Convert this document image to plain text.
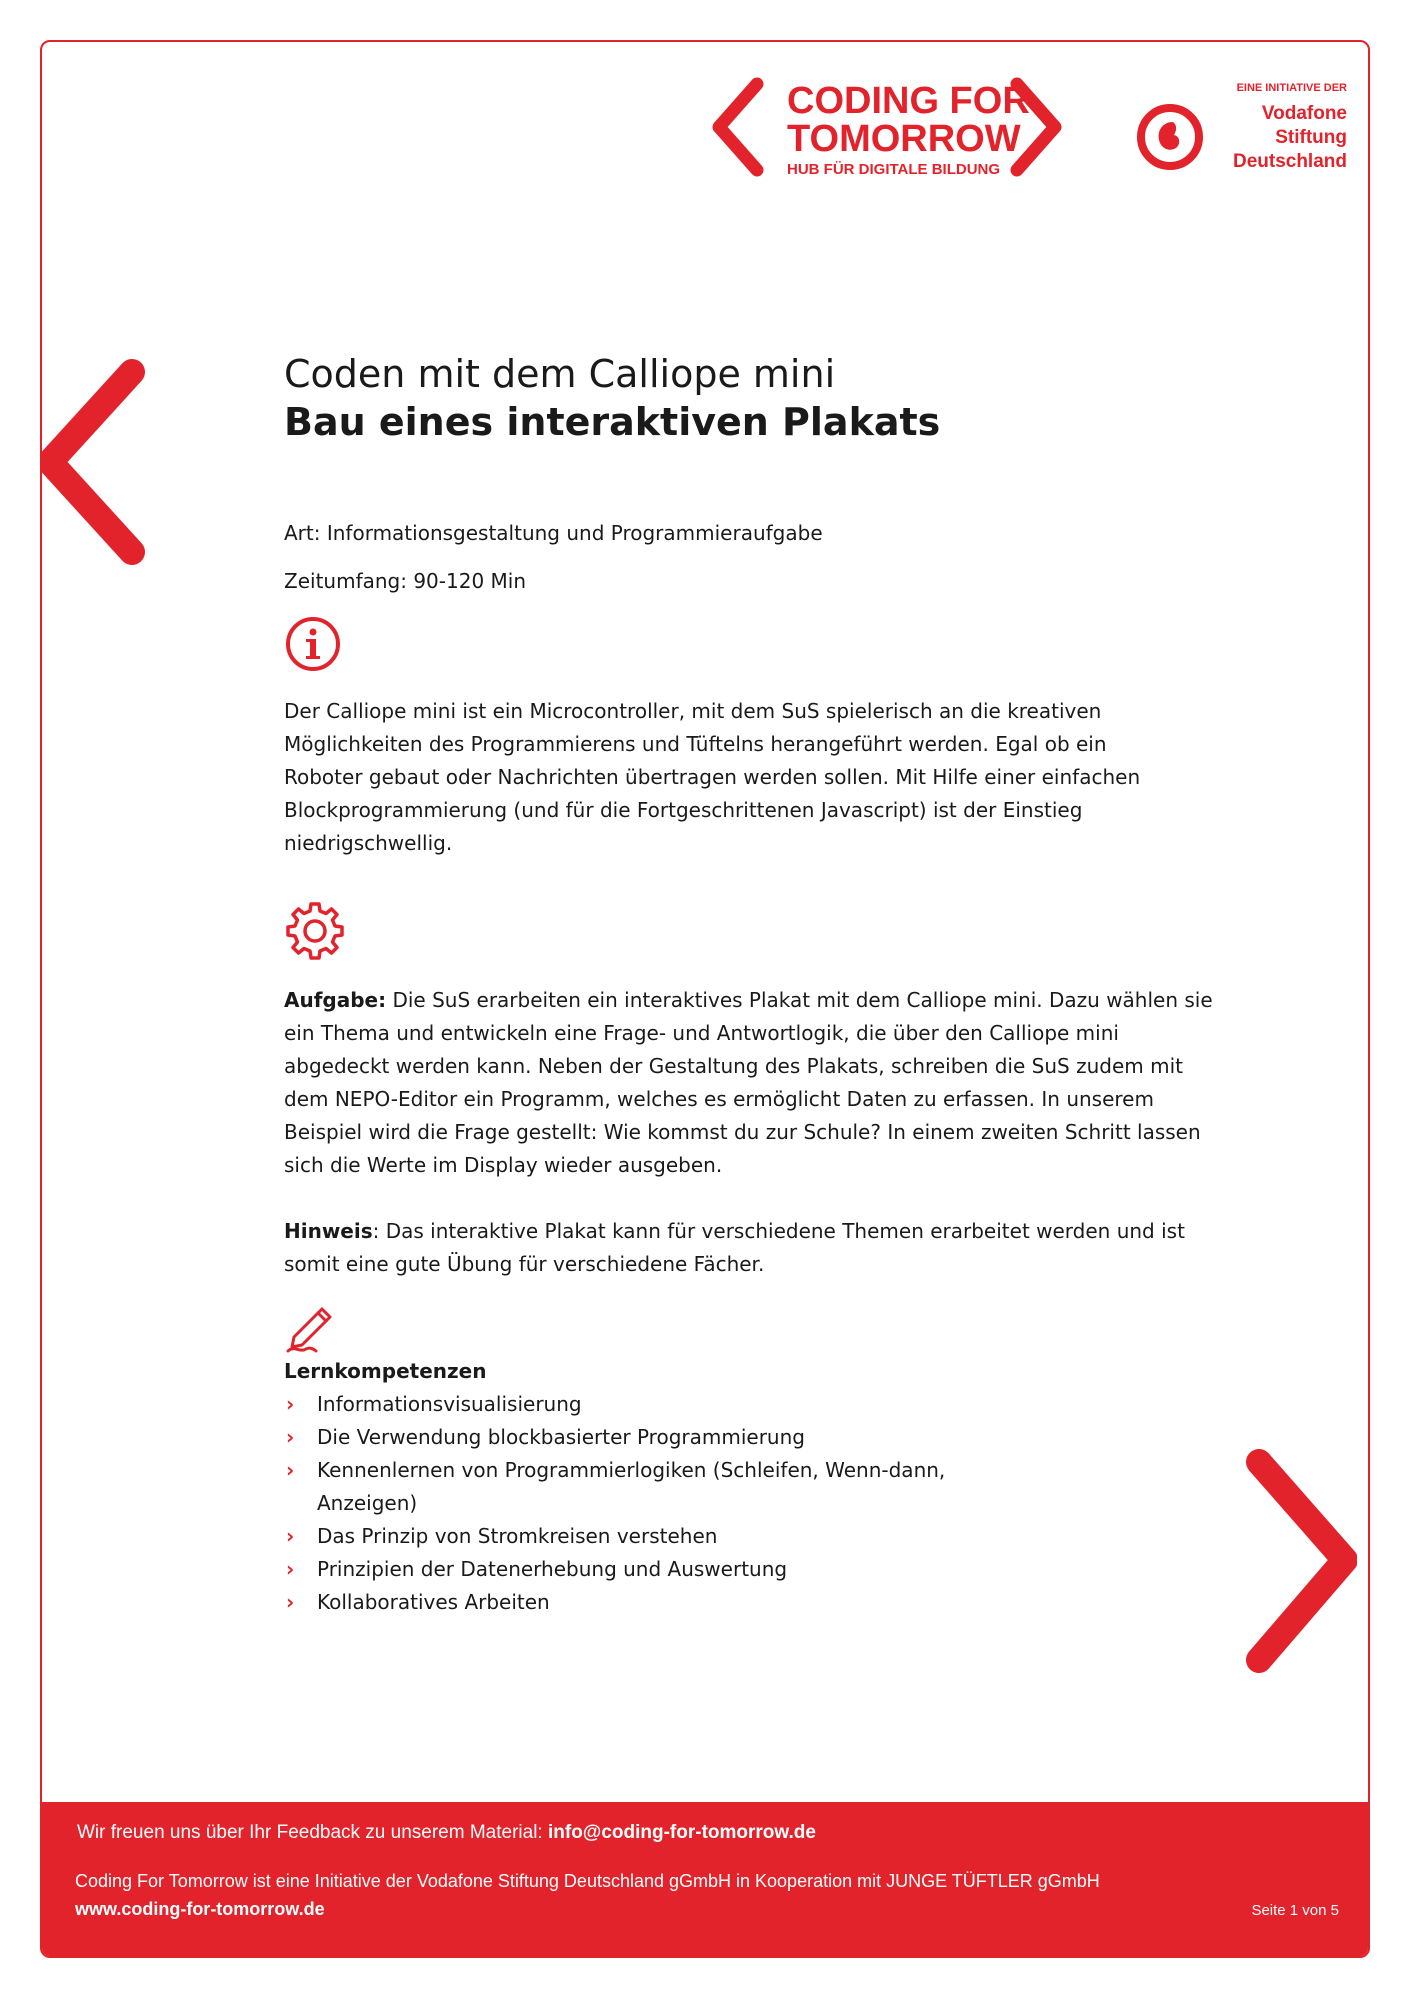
CODING FOR
TOMORROW
HUB FÜR DIGITALE BILDUNG
EINE INITIATIVE DER
Vodafone
Stiftung
Deutschland
Coden mit dem Calliope mini
Bau eines interaktiven Plakats
Art: Informationsgestaltung und Programmieraufgabe
Zeitumfang: 90-120 Min

Der Calliope mini ist ein Microcontroller, mit dem SuS spielerisch an die kreativen Möglichkeiten des Programmierens und Tüftelns herangeführt werden. Egal ob ein Roboter gebaut oder Nachrichten übertragen werden sollen. Mit Hilfe einer einfachen Blockprogrammierung (und für die Fortgeschrittenen Javascript) ist der Einstieg niedrigschwellig.

Aufgabe: Die SuS erarbeiten ein interaktives Plakat mit dem Calliope mini. Dazu wählen sie ein Thema und entwickeln eine Frage- und Antwortlogik, die über den Calliope mini abgedeckt werden kann. Neben der Gestaltung des Plakats, schreiben die SuS zudem mit dem NEPO-Editor ein Programm, welches es ermöglicht Daten zu erfassen. In unserem Beispiel wird die Frage gestellt: Wie kommst du zur Schule? In einem zweiten Schritt lassen sich die Werte im Display wieder ausgeben.

Hinweis: Das interaktive Plakat kann für verschiedene Themen erarbeitet werden und ist somit eine gute Übung für verschiedene Fächer.

Lernkompetenzen
› Informationsvisualisierung
› Die Verwendung blockbasierter Programmierung
› Kennenlernen von Programmierlogiken (Schleifen, Wenn-dann, Anzeigen)
› Das Prinzip von Stromkreisen verstehen
› Prinzipien der Datenerhebung und Auswertung
› Kollaboratives Arbeiten
Wir freuen uns über Ihr Feedback zu unserem Material: info@coding-for-tomorrow.de
Coding For Tomorrow ist eine Initiative der Vodafone Stiftung Deutschland gGmbH in Kooperation mit JUNGE TÜFTLER gGmbH
www.coding-for-tomorrow.de	Seite 1 von 5
